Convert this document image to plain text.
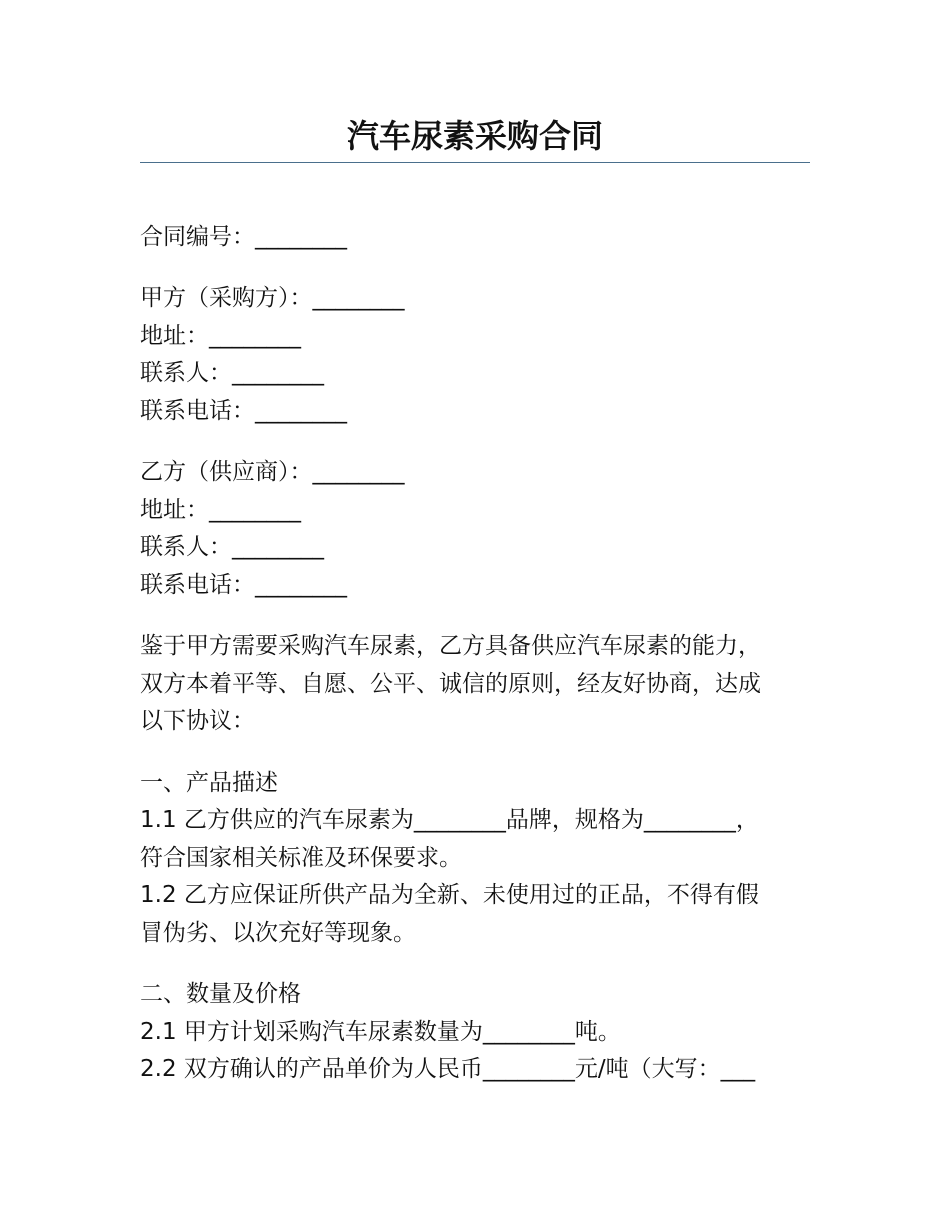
汽车尿素采购合同
合同编号：________
甲方（采购方）：________
地址：________
联系人：________
联系电话：________
乙方（供应商）：________
地址：________
联系人：________
联系电话：________
鉴于甲方需要采购汽车尿素，乙方具备供应汽车尿素的能力，
双方本着平等、自愿、公平、诚信的原则，经友好协商，达成
以下协议：
一、产品描述
1.1 乙方供应的汽车尿素为________品牌，规格为________，
符合国家相关标准及环保要求。
1.2 乙方应保证所供产品为全新、未使用过的正品，不得有假
冒伪劣、以次充好等现象。
二、数量及价格
2.1 甲方计划采购汽车尿素数量为________吨。
2.2 双方确认的产品单价为人民币________元/吨（大写：___
